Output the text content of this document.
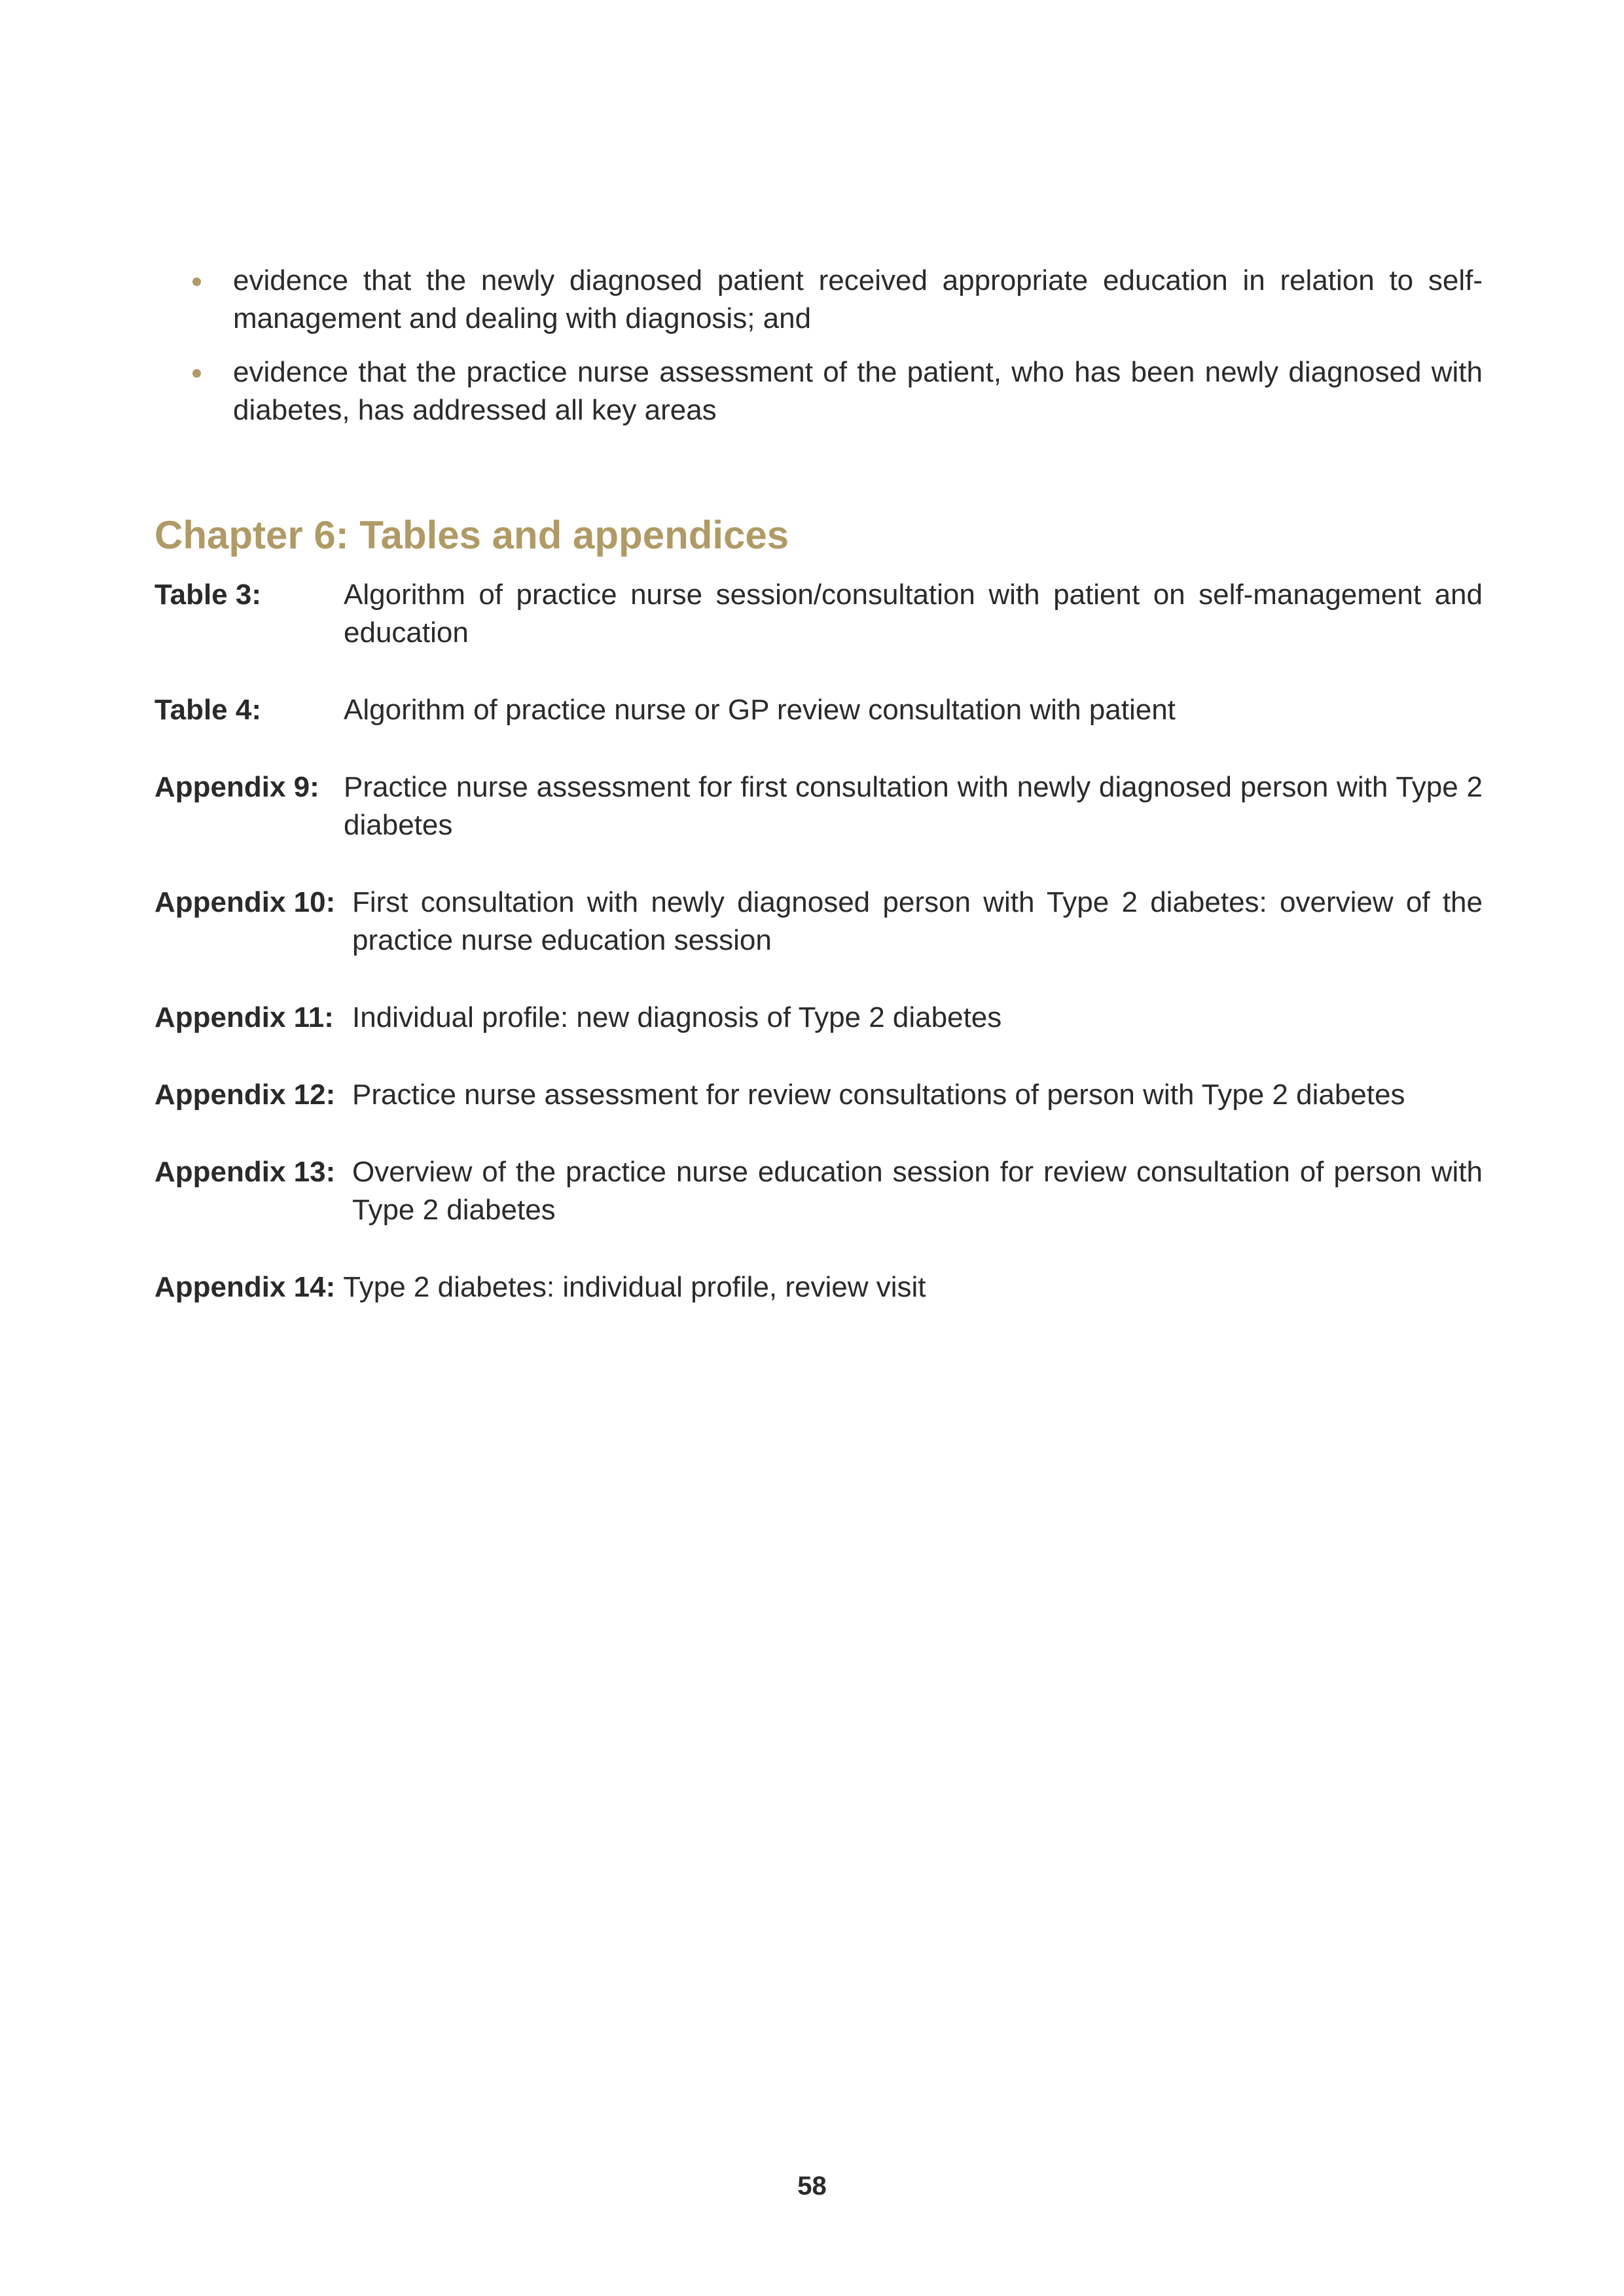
evidence that the newly diagnosed patient received appropriate education in relation to self-management and dealing with diagnosis; and
evidence that the practice nurse assessment of the patient, who has been newly diagnosed with diabetes, has addressed all key areas
Chapter 6: Tables and appendices
Table 3:	Algorithm of practice nurse session/consultation with patient on self-management and education
Table 4:	Algorithm of practice nurse or GP review consultation with patient
Appendix 9: Practice nurse assessment for first consultation with newly diagnosed person with Type 2 diabetes
Appendix 10: First consultation with newly diagnosed person with Type 2 diabetes: overview of the practice nurse education session
Appendix 11: Individual profile: new diagnosis of Type 2 diabetes
Appendix 12: Practice nurse assessment for review consultations of person with Type 2 diabetes
Appendix 13: Overview of the practice nurse education session for review consultation of person with Type 2 diabetes
Appendix 14: Type 2 diabetes: individual profile, review visit
58
